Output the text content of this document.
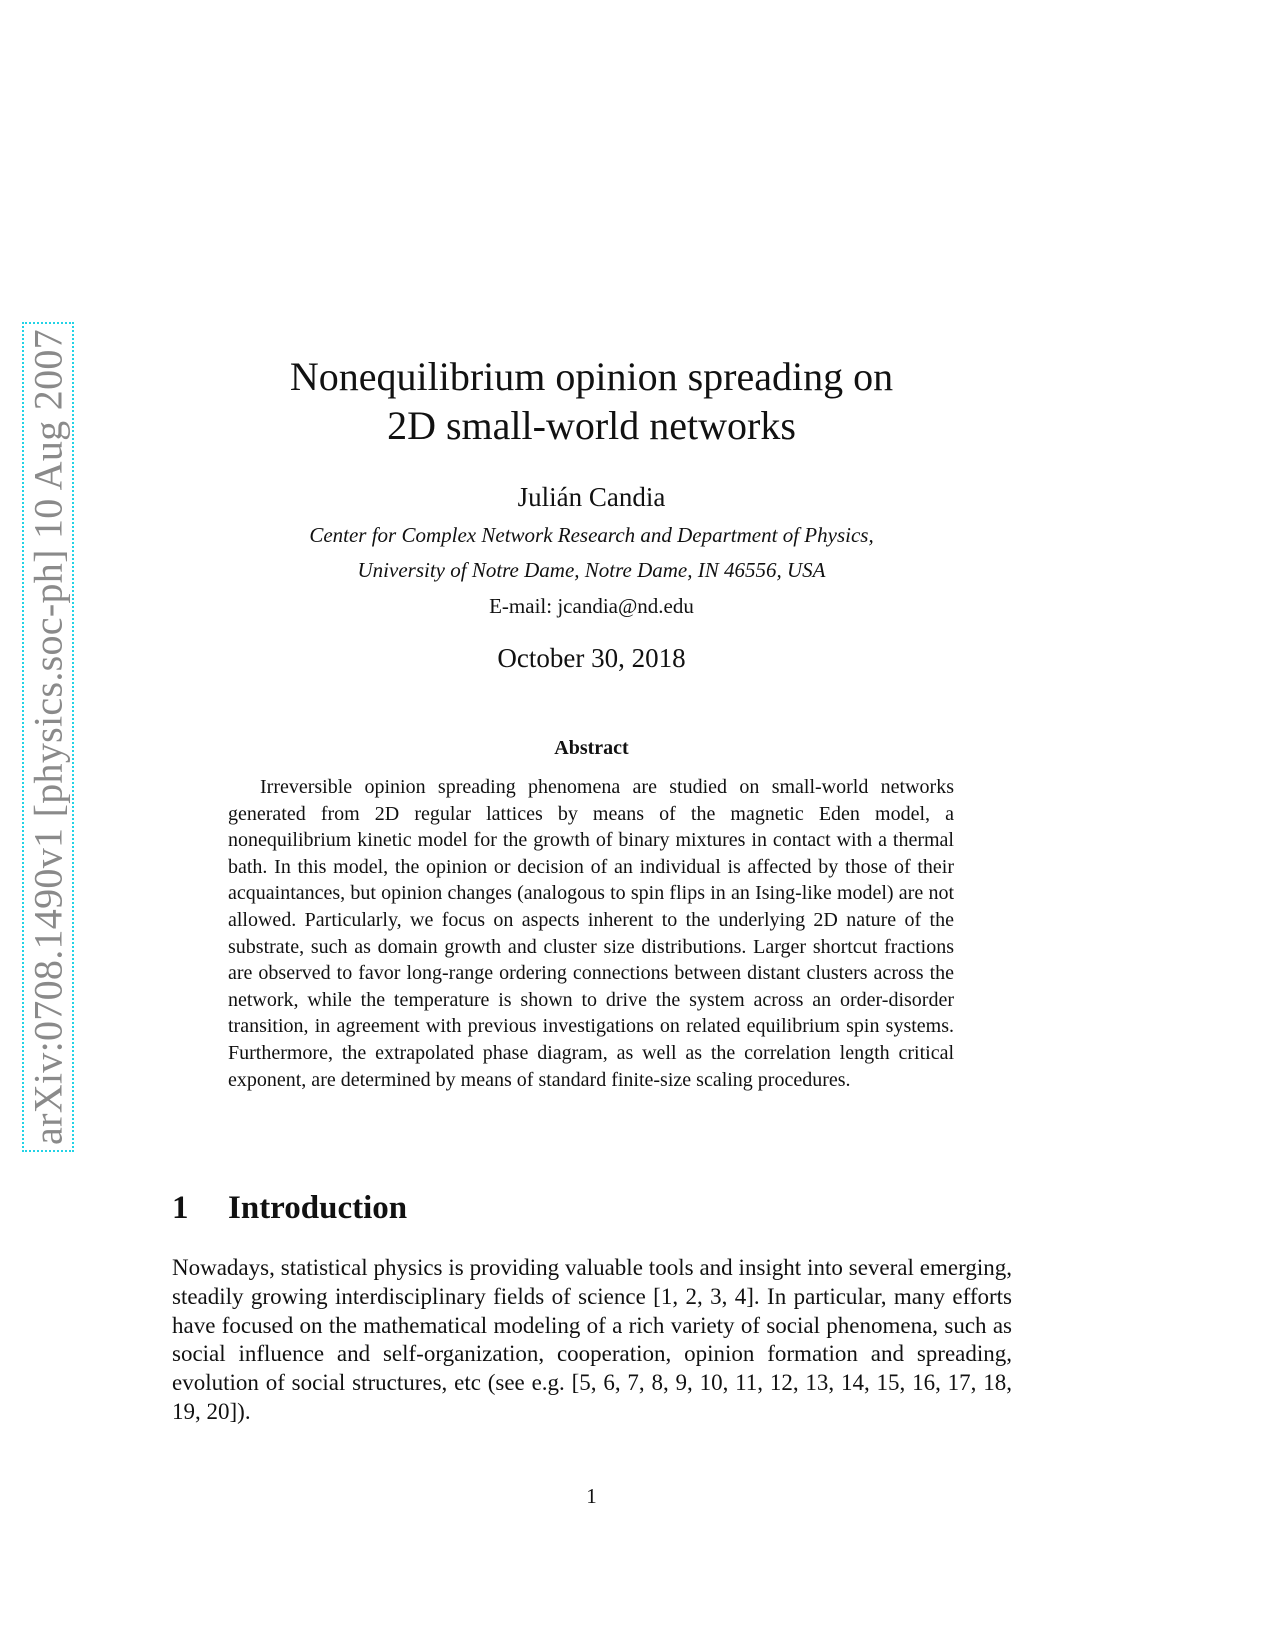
arXiv:0708.1490v1 [physics.soc-ph] 10 Aug 2007	Nonequilibrium opinion spreading on
2D small-world networks
Julián Candia
Center for Complex Network Research and Department of Physics,
University of Notre Dame, Notre Dame, IN 46556, USA
E-mail: jcandia@nd.edu
October 30, 2018
Abstract

Irreversible opinion spreading phenomena are studied on small-world networks generated from 2D regular lattices by means of the magnetic Eden model, a nonequilibrium kinetic model for the growth of binary mixtures in contact with a thermal bath. In this model, the opinion or decision of an individual is affected by those of their acquaintances, but opinion changes (analogous to spin flips in an Ising-like model) are not allowed. Particularly, we focus on aspects inherent to the underlying 2D nature of the substrate, such as domain growth and cluster size distributions. Larger shortcut fractions are observed to favor long-range ordering connections between distant clusters across the network, while the temperature is shown to drive the system across an order-disorder transition, in agreement with previous investigations on related equilibrium spin systems. Furthermore, the extrapolated phase diagram, as well as the correlation length critical exponent, are determined by means of standard finite-size scaling procedures.

1 Introduction

Nowadays, statistical physics is providing valuable tools and insight into several emerging, steadily growing interdisciplinary fields of science [1, 2, 3, 4]. In particular, many efforts have focused on the mathematical modeling of a rich variety of social phenomena, such as social influence and self-organization, cooperation, opinion formation and spreading, evolution of social structures, etc (see e.g. [5, 6, 7, 8, 9, 10, 11, 12, 13, 14, 15, 16, 17, 18, 19, 20]).

1
